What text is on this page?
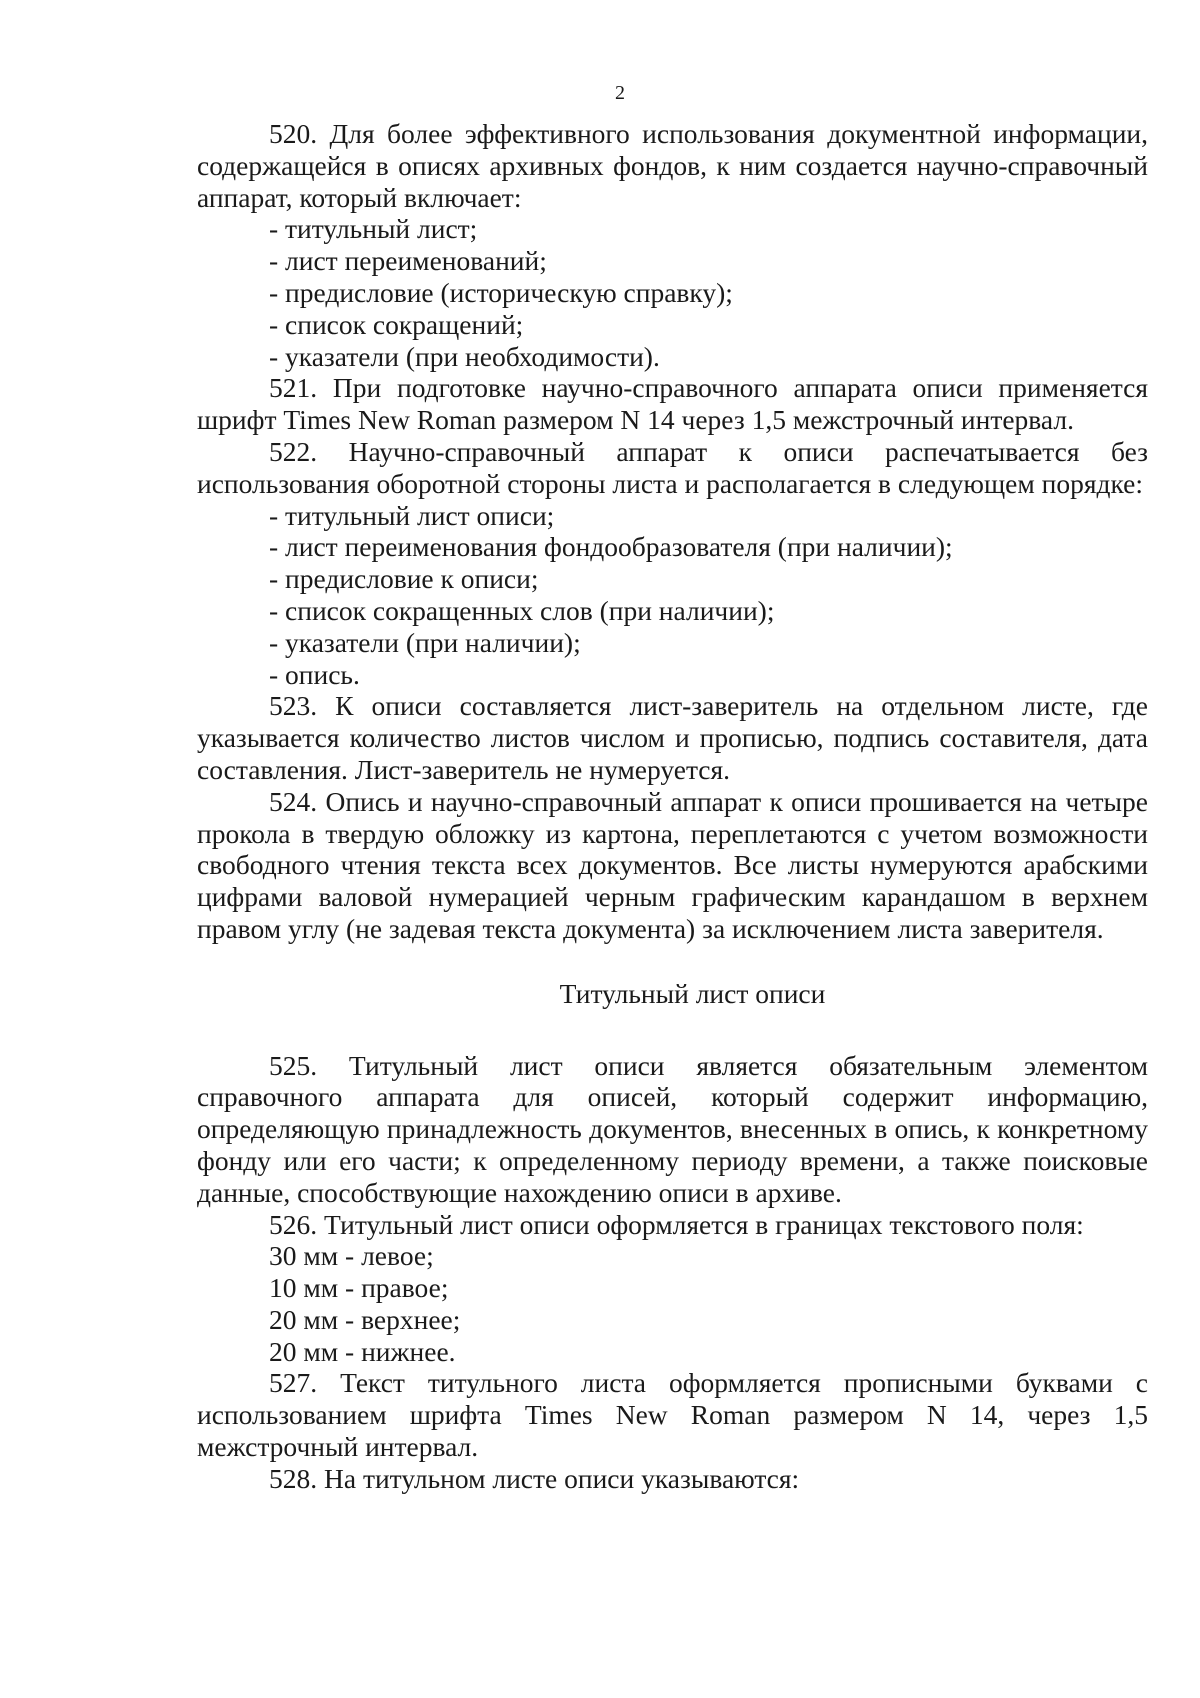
2

520. Для более эффективного использования документной информации, содержащейся в описях архивных фондов, к ним создается научно-справочный аппарат, который включает:

- титульный лист;
- лист переименований;
- предисловие (историческую справку);
- список сокращений;
- указатели (при необходимости).

521. При подготовке научно-справочного аппарата описи применяется шрифт Times New Roman размером N 14 через 1,5 межстрочный интервал.

522. Научно-справочный аппарат к описи распечатывается без использования оборотной стороны листа и располагается в следующем порядке:

- титульный лист описи;
- лист переименования фондообразователя (при наличии);
- предисловие к описи;
- список сокращенных слов (при наличии);
- указатели (при наличии);
- опись.

523. К описи составляется лист-заверитель на отдельном листе, где указывается количество листов числом и прописью, подпись составителя, дата составления. Лист-заверитель не нумеруется.

524. Опись и научно-справочный аппарат к описи прошивается на четыре прокола в твердую обложку из картона, переплетаются с учетом возможности свободного чтения текста всех документов. Все листы нумеруются арабскими цифрами валовой нумерацией черным графическим карандашом в верхнем правом углу (не задевая текста документа) за исключением листа заверителя.

Титульный лист описи

525. Титульный лист описи является обязательным элементом справочного аппарата для описей, который содержит информацию, определяющую принадлежность документов, внесенных в опись, к конкретному фонду или его части; к определенному периоду времени, а также поисковые данные, способствующие нахождению описи в архиве.

526. Титульный лист описи оформляется в границах текстового поля:

30 мм - левое;
10 мм - правое;
20 мм - верхнее;
20 мм - нижнее.

527. Текст титульного листа оформляется прописными буквами с использованием шрифта Times New Roman размером N 14, через 1,5 межстрочный интервал.

528. На титульном листе описи указываются:
